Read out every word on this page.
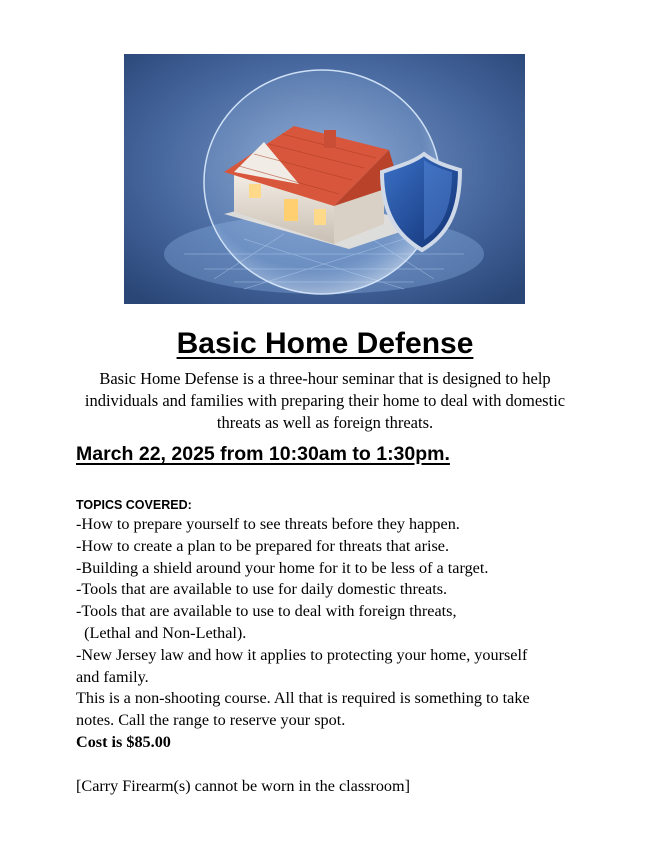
Basic Home Defense
Basic Home Defense is a three-hour seminar that is designed to help
individuals and families with preparing their home to deal with domestic
threats as well as foreign threats.
March 22, 2025 from 10:30am to 1:30pm.
TOPICS COVERED:
-How to prepare yourself to see threats before they happen.
-How to create a plan to be prepared for threats that arise.
-Building a shield around your home for it to be less of a target.
-Tools that are available to use for daily domestic threats.
-Tools that are available to use to deal with foreign threats,
(Lethal and Non-Lethal).
-New Jersey law and how it applies to protecting your home, yourself
and family.
This is a non-shooting course. All that is required is something to take
notes. Call the range to reserve your spot.
Cost is $85.00
[Carry Firearm(s) cannot be worn in the classroom]
